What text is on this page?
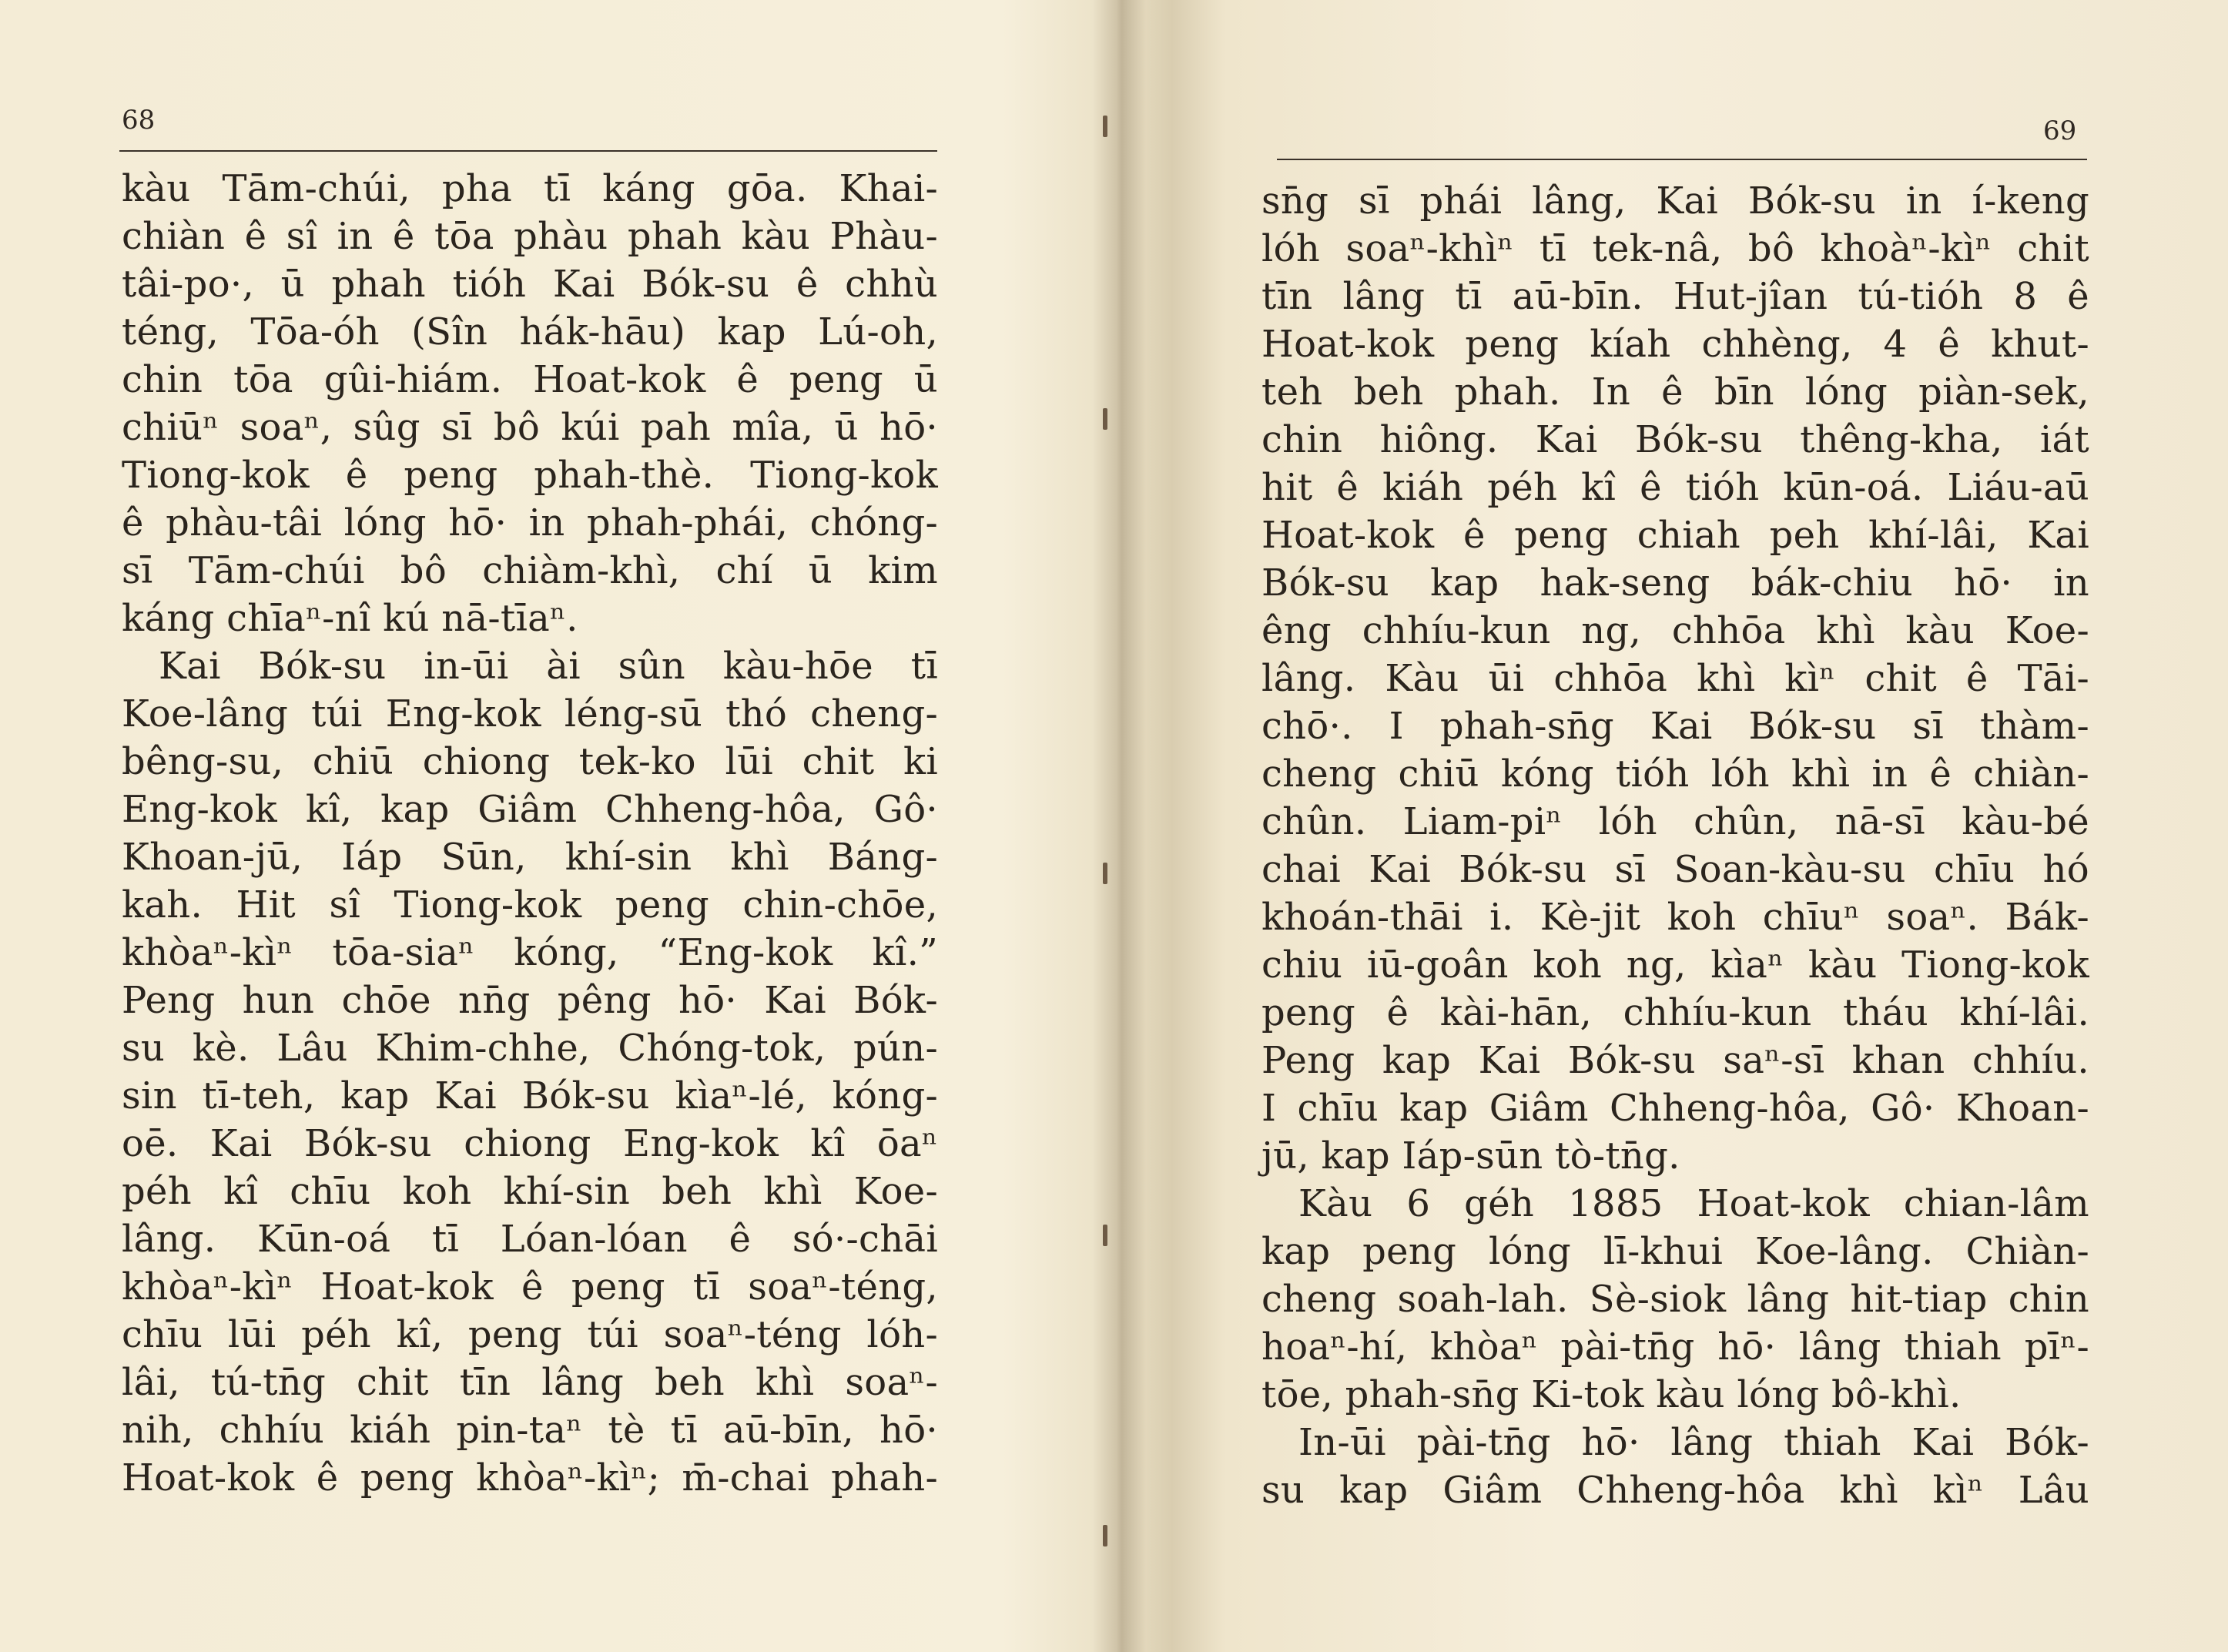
68
kàu Tām-chúi, pha tī káng gōa. Khai-
chiàn ê sî in ê tōa phàu phah kàu Phàu-
tâi-po·, ū phah tióh Kai Bók-su ê chhù
téng, Tōa-óh (Sîn hák-hāu) kap Lú-oh,
chin tōa gûi-hiám. Hoat-kok ê peng ū
chiūⁿ soaⁿ, sûg sī bô kúi pah mîa, ū hō·
Tiong-kok ê peng phah-thè. Tiong-kok
ê phàu-tâi lóng hō· in phah-phái, chóng-
sī Tām-chúi bô chiàm-khì, chí ū kim
káng chīaⁿ-nî kú nā-tīaⁿ.
Kai Bók-su in-ūi ài sûn kàu-hōe tī
Koe-lâng túi Eng-kok léng-sū thó cheng-
bêng-su, chiū chiong tek-ko lūi chit ki
Eng-kok kî, kap Giâm Chheng-hôa, Gô·
Khoan-jū, Iáp Sūn, khí-sin khì Báng-
kah. Hit sî Tiong-kok peng chin-chōe,
khòaⁿ-kìⁿ tōa-siaⁿ kóng, “Eng-kok kî.”
Peng hun chōe nn̄g pêng hō· Kai Bók-
su kè. Lâu Khim-chhe, Chóng-tok, pún-
sin tī-teh, kap Kai Bók-su kìaⁿ-lé, kóng-
oē. Kai Bók-su chiong Eng-kok kî ōaⁿ
péh kî chīu koh khí-sin beh khì Koe-
lâng. Kūn-oá tī Lóan-lóan ê só·-chāi
khòaⁿ-kìⁿ Hoat-kok ê peng tī soaⁿ-téng,
chīu lūi péh kî, peng túi soaⁿ-téng lóh-
lâi, tú-tn̄g chit tīn lâng beh khì soaⁿ-
nih, chhíu kiáh pin-taⁿ tè tī aū-bīn, hō·
Hoat-kok ê peng khòaⁿ-kìⁿ; m̄-chai phah-
69
sn̄g sī phái lâng, Kai Bók-su in í-keng
lóh soaⁿ-khìⁿ tī tek-nâ, bô khoàⁿ-kìⁿ chit
tīn lâng tī aū-bīn. Hut-jîan tú-tióh 8 ê
Hoat-kok peng kíah chhèng, 4 ê khut-
teh beh phah. In ê bīn lóng piàn-sek,
chin hiông. Kai Bók-su thêng-kha, iát
hit ê kiáh péh kî ê tióh kūn-oá. Liáu-aū
Hoat-kok ê peng chiah peh khí-lâi, Kai
Bók-su kap hak-seng bák-chiu hō· in
êng chhíu-kun ng, chhōa khì kàu Koe-
lâng. Kàu ūi chhōa khì kìⁿ chit ê Tāi-
chō·. I phah-sn̄g Kai Bók-su sī thàm-
cheng chiū kóng tióh lóh khì in ê chiàn-
chûn. Liam-piⁿ lóh chûn, nā-sī kàu-bé
chai Kai Bók-su sī Soan-kàu-su chīu hó
khoán-thāi i. Kè-jit koh chīuⁿ soaⁿ. Bák-
chiu iū-goân koh ng, kìaⁿ kàu Tiong-kok
peng ê kài-hān, chhíu-kun tháu khí-lâi.
Peng kap Kai Bók-su saⁿ-sī khan chhíu.
I chīu kap Giâm Chheng-hôa, Gô· Khoan-
jū, kap Iáp-sūn tò-tn̄g.
Kàu 6 géh 1885 Hoat-kok chian-lâm
kap peng lóng lī-khui Koe-lâng. Chiàn-
cheng soah-lah. Sè-siok lâng hit-tiap chin
hoaⁿ-hí, khòaⁿ pài-tn̄g hō· lâng thiah pīⁿ-
tōe, phah-sn̄g Ki-tok kàu lóng bô-khì.
In-ūi pài-tn̄g hō· lâng thiah Kai Bók-
su kap Giâm Chheng-hôa khì kìⁿ Lâu
